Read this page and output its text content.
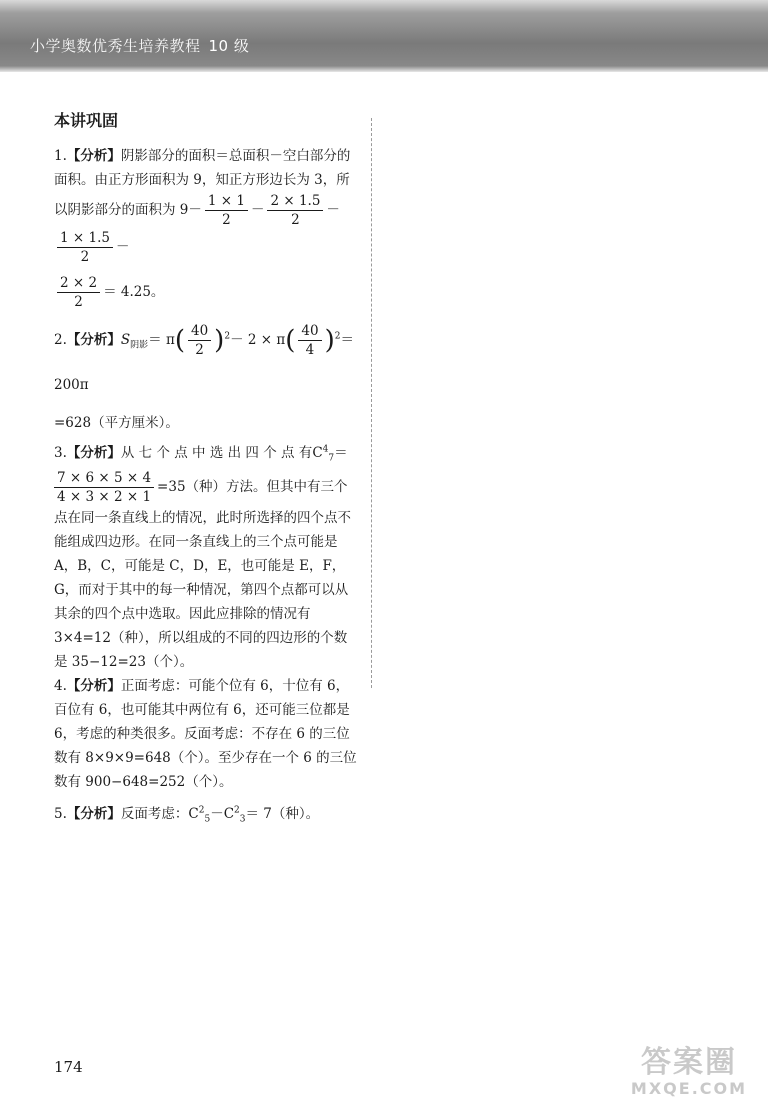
小学奥数优秀生培养教程 10 级
本讲巩固
1.【分析】阴影部分的面积＝总面积－空白部分的面积。由正方形面积为 9，知正方形边长为 3，所以阴影部分的面积为 $9- \frac{1 \times 1}{2} - \frac{2 \times 1.5}{2}$ －
$\frac{1 \times 1.5}{2}$ －
$\frac{2 \times 2}{2} = 4.25$。
2.【分析】$S_{阴影}= \pi( \frac{40}{2} )^2- 2 \times \pi( \frac{40}{4} )^2= 200\pi$
=628（平方厘米）。
3.【分析】从 七 个 点 中 选 出 四 个 点 有$C^4_7=$
$\frac{7 \times 6 \times 5 \times 4}{4 \times 3 \times 2 \times 1} =35$（种）方法。但其中有三个点在同一条直线上的情况，此时所选择的四个点不能组成四边形。在同一条直线上的三个点可能是 A，B，C，可能是 C，D，E，也可能是 E，F，G，而对于其中的每一种情况，第四个点都可以从其余的四个点中选取。因此应排除的情况有 3×4=12（种），所以组成的不同的四边形的个数是 35−12=23（个）。
4.【分析】正面考虑：可能个位有 6，十位有 6，百位有 6，也可能其中两位有 6，还可能三位都是 6，考虑的种类很多。反面考虑：不存在 6 的三位数有 8×9×9=648（个）。至少存在一个 6 的三位数有 900−648=252（个）。
5.【分析】反面考虑：$C^2_5-C^2_3= 7$（种）。
174	答案圈
MXQE.COM
